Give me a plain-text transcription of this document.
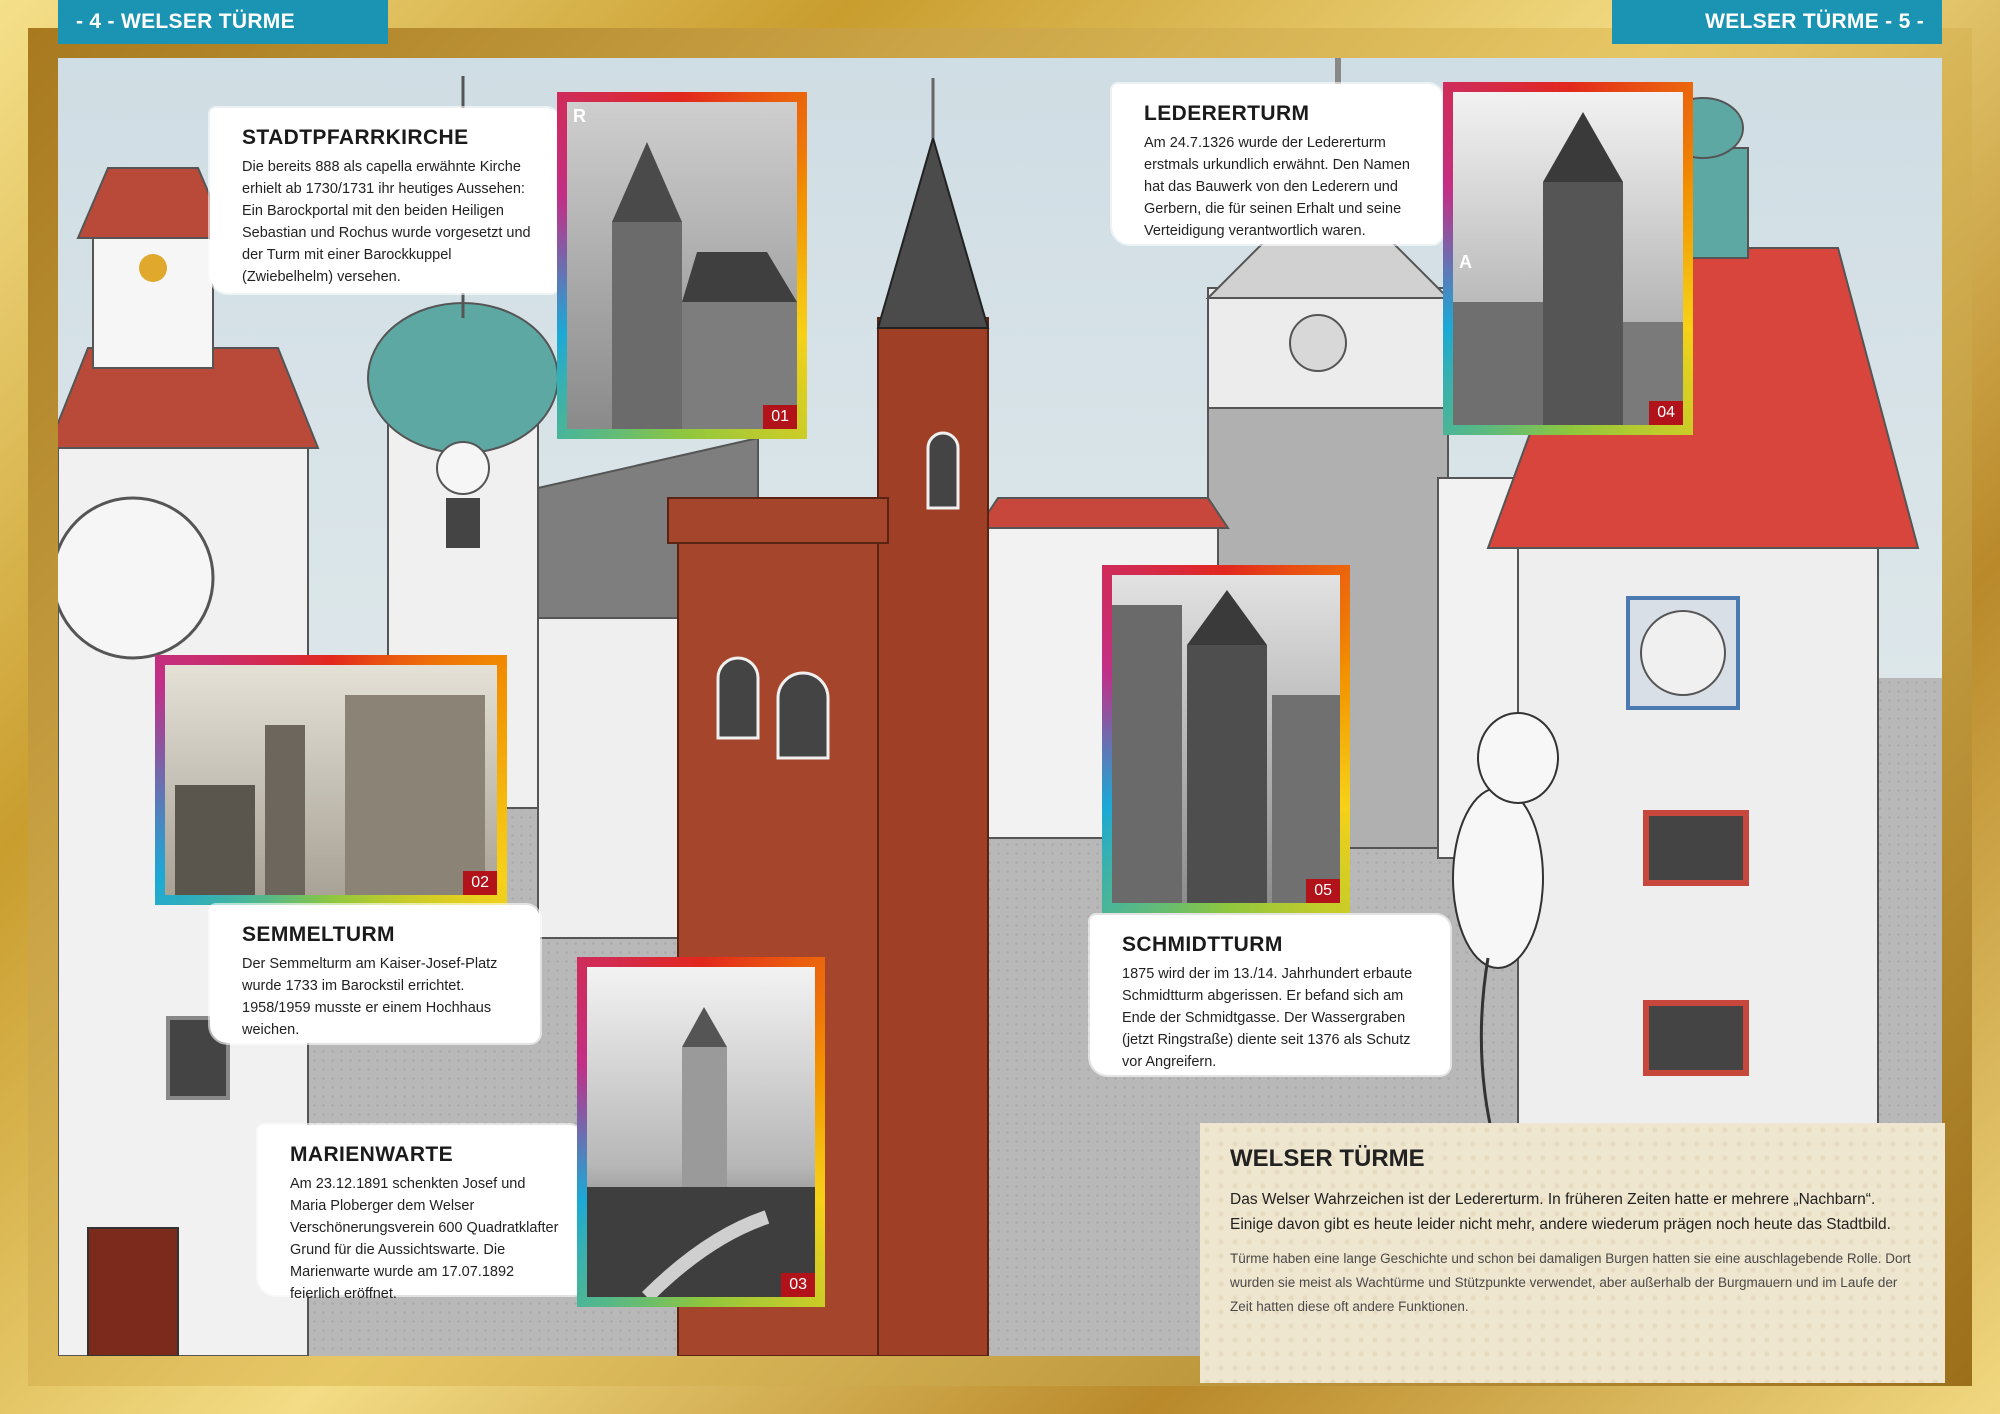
- 4 - WELSER TÜRME	WELSER TÜRME - 5 -
STADTPFARRKIRCHE

Die bereits 888 als capella erwähnte Kirche erhielt ab 1730/1731 ihr heutiges Aussehen: Ein Barockportal mit den beiden Heiligen Sebastian und Rochus wurde vorgesetzt und der Turm mit einer Barockkuppel (Zwiebelhelm) versehen.

R
01
LEDERERTURM

Am 24.7.1326 wurde der Ledererturm erstmals urkundlich erwähnt. Den Namen hat das Bauwerk von den Lederern und Gerbern, die für seinen Erhalt und seine Verteidigung verantwortlich waren.

A
04
02
SEMMELTURM

Der Semmelturm am Kaiser-Josef-Platz wurde 1733 im Barockstil errichtet. 1958/1959 musste er einem Hochhaus weichen.

05
SCHMIDTTURM

1875 wird der im 13./14. Jahrhundert erbaute Schmidtturm abgerissen. Er befand sich am Ende der Schmidtgasse. Der Wassergraben (jetzt Ringstraße) diente seit 1376 als Schutz vor Angreifern.

MARIENWARTE

Am 23.12.1891 schenkten Josef und Maria Ploberger dem Welser Verschönerungsverein 600 Quadratklafter Grund für die Aussichtswarte. Die Marienwarte wurde am 17.07.1892 feierlich eröffnet.

03
WELSER TÜRME

Das Welser Wahrzeichen ist der Ledererturm. In früheren Zeiten hatte er mehrere „Nachbarn“. Einige davon gibt es heute leider nicht mehr, andere wiederum prägen noch heute das Stadtbild.

Türme haben eine lange Geschichte und schon bei damaligen Burgen hatten sie eine auschlagebende Rolle. Dort wurden sie meist als Wachtürme und Stützpunkte verwendet, aber außerhalb der Burgmauern und im Laufe der Zeit hatten diese oft andere Funktionen.
